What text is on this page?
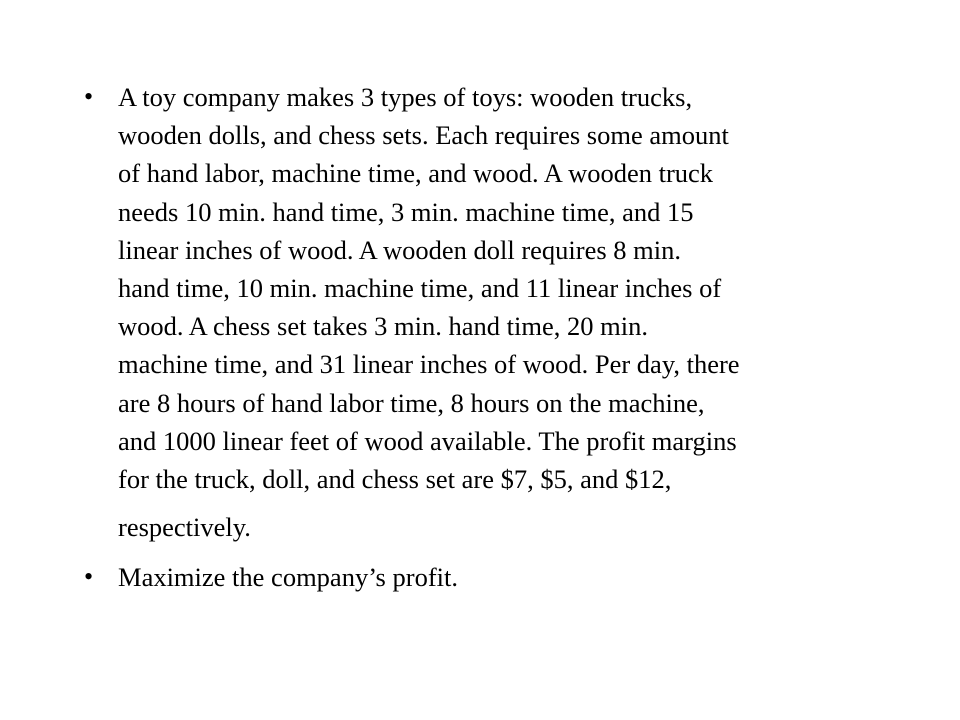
• A toy company makes 3 types of toys: wooden trucks,
wooden dolls, and chess sets. Each requires some amount
of hand labor, machine time, and wood. A wooden truck
needs 10 min. hand time, 3 min. machine time, and 15
linear inches of wood. A wooden doll requires 8 min.
hand time, 10 min. machine time, and 11 linear inches of
wood. A chess set takes 3 min. hand time, 20 min.
machine time, and 31 linear inches of wood. Per day, there
are 8 hours of hand labor time, 8 hours on the machine,
and 1000 linear feet of wood available. The profit margins
for the truck, doll, and chess set are $7, $5, and $12,
respectively.
• Maximize the company’s profit.
